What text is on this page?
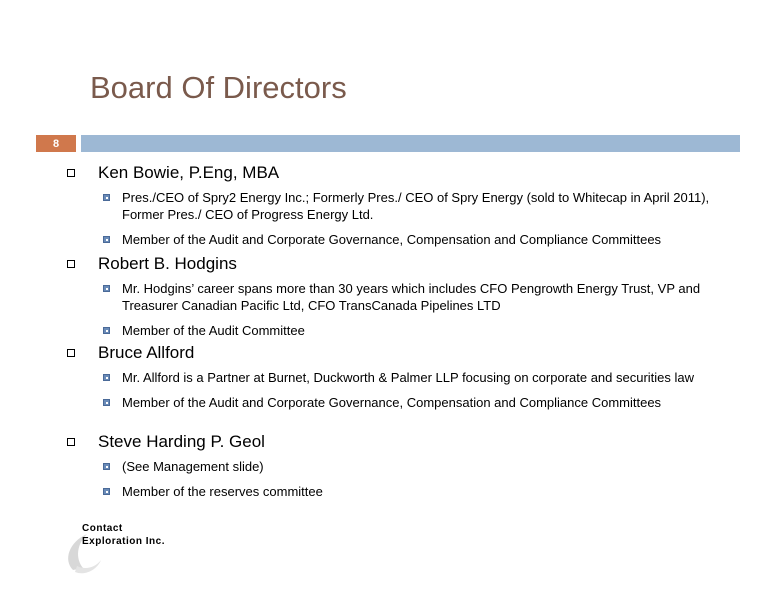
Board Of Directors
8
Ken Bowie, P.Eng, MBA
Pres./CEO of Spry2 Energy Inc.; Formerly Pres./ CEO of Spry Energy (sold to Whitecap in April 2011), Former Pres./ CEO of Progress Energy Ltd.
Member of the Audit and Corporate Governance, Compensation and Compliance Committees
Robert B. Hodgins
Mr. Hodgins’ career spans more than 30 years which includes CFO Pengrowth Energy Trust, VP and Treasurer Canadian Pacific Ltd, CFO TransCanada Pipelines LTD
Member of the Audit Committee
Bruce Allford
Mr. Allford is a Partner at Burnet, Duckworth & Palmer LLP focusing on corporate and securities law
Member of the Audit and Corporate Governance, Compensation and Compliance Committees
Steve Harding P. Geol
(See Management slide)
Member of the reserves committee
Contact
Exploration Inc.
